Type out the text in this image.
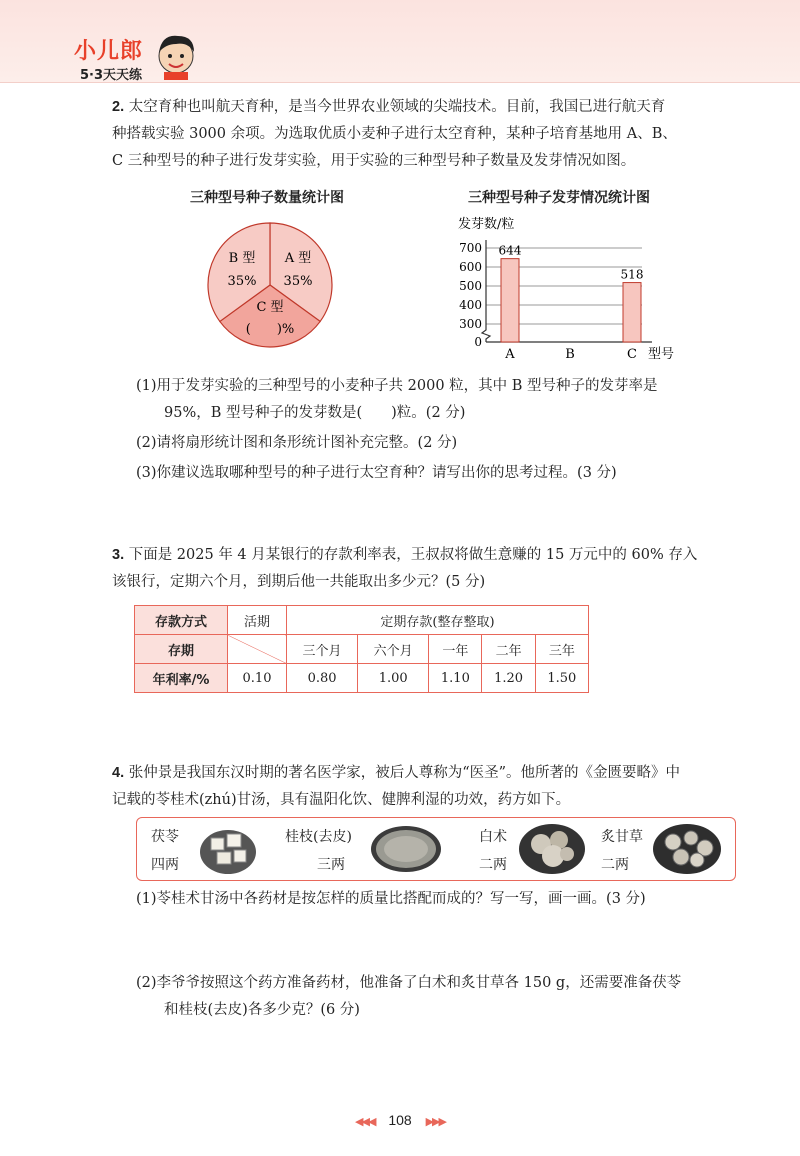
小儿郎
5·3天天练
2. 太空育种也叫航天育种，是当今世界农业领域的尖端技术。目前，我国已进行航天育
种搭载实验 3000 余项。为选取优质小麦种子进行太空育种，某种子培育基地用 A、B、
C 三种型号的种子进行发芽实验，用于实验的三种型号种子数量及发芽情况如图。
三种型号种子数量统计图	三种型号种子发芽情况统计图
B 型
35%
A 型
35%
C 型
(　　)%
发芽数/粒
0
300
400
500
600
700 644
518
A	B	C 型号
(1)用于发芽实验的三种型号的小麦种子共 2000 粒，其中 B 型号种子的发芽率是
95%，B 型号种子的发芽数是(　　)粒。(2 分)
(2)请将扇形统计图和条形统计图补充完整。(2 分)
(3)你建议选取哪种型号的种子进行太空育种？请写出你的思考过程。(3 分)
3. 下面是 2025 年 4 月某银行的存款利率表，王叔叔将做生意赚的 15 万元中的 60% 存入
该银行，定期六个月，到期后他一共能取出多少元？(5 分)
存款方式	活期	定期存款(整存整取)				
存期		三个月	六个月	一年	二年	三年
年利率/%	0.10	0.80	1.00	1.10	1.20	1.50
4. 张仲景是我国东汉时期的著名医学家，被后人尊称为“医圣”。他所著的《金匮要略》中
记载的苓桂术(zhú)甘汤，具有温阳化饮、健脾利湿的功效，药方如下。
茯苓
四两
桂枝(去皮)
三两
白术
二两
炙甘草
二两
(1)苓桂术甘汤中各药材是按怎样的质量比搭配而成的？写一写，画一画。(3 分)
(2)李爷爷按照这个药方准备药材，他准备了白术和炙甘草各 150 g，还需要准备茯苓
和桂枝(去皮)各多少克？(6 分)
◀◀◀ 108 ▶▶▶
